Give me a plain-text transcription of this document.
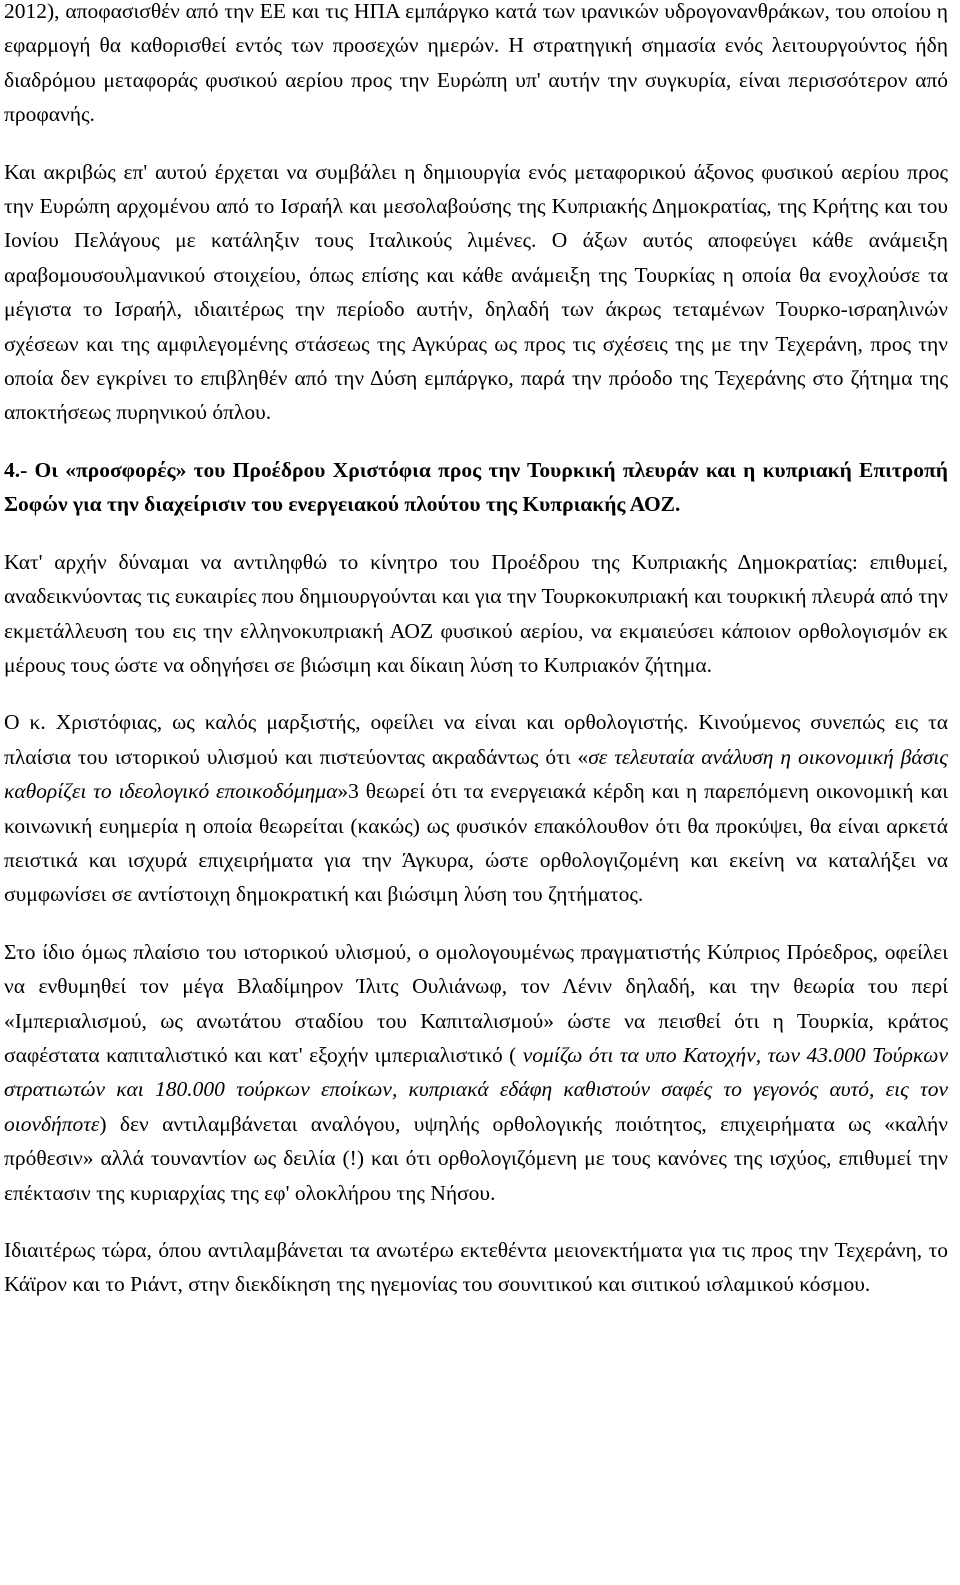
2012), αποφασισθέν από την ΕΕ και τις ΗΠΑ εμπάργκο κατά των ιρανικών υδρογονανθράκων, του οποίου η εφαρμογή θα καθορισθεί εντός των προσεχών ημερών. Η στρατηγική σημασία ενός λειτουργούντος ήδη διαδρόμου μεταφοράς φυσικού αερίου προς την Ευρώπη υπ' αυτήν την συγκυρία, είναι περισσότερον από προφανής.

Και ακριβώς επ' αυτού έρχεται να συμβάλει η δημιουργία ενός μεταφορικού άξονος φυσικού αερίου προς την Ευρώπη αρχομένου από το Ισραήλ και μεσολαβούσης της Κυπριακής Δημοκρατίας, της Κρήτης και του Ιονίου Πελάγους με κατάληξιν τους Ιταλικούς λιμένες. Ο άξων αυτός αποφεύγει κάθε ανάμειξη αραβομουσουλμανικού στοιχείου, όπως επίσης και κάθε ανάμειξη της Τουρκίας η οποία θα ενοχλούσε τα μέγιστα το Ισραήλ, ιδιαιτέρως την περίοδο αυτήν, δηλαδή των άκρως τεταμένων Τουρκο-ισραηλινών σχέσεων και της αμφιλεγομένης στάσεως της Αγκύρας ως προς τις σχέσεις της με την Τεχεράνη, προς την οποία δεν εγκρίνει το επιβληθέν από την Δύση εμπάργκο, παρά την πρόοδο της Τεχεράνης στο ζήτημα της αποκτήσεως πυρηνικού όπλου.

4.- Οι «προσφορές» του Προέδρου Χριστόφια προς την Τουρκική πλευράν και η κυπριακή Επιτροπή Σοφών για την διαχείρισιν του ενεργειακού πλούτου της Κυπριακής ΑΟΖ.

Κατ' αρχήν δύναμαι να αντιληφθώ το κίνητρο του Προέδρου της Κυπριακής Δημοκρατίας: επιθυμεί, αναδεικνύοντας τις ευκαιρίες που δημιουργούνται και για την Τουρκοκυπριακή και τουρκική πλευρά από την εκμετάλλευση του εις την ελληνοκυπριακή ΑΟΖ φυσικού αερίου, να εκμαιεύσει κάποιον ορθολογισμόν εκ μέρους τους ώστε να οδηγήσει σε βιώσιμη και δίκαιη λύση το Κυπριακόν ζήτημα.

Ο κ. Χριστόφιας, ως καλός μαρξιστής, οφείλει να είναι και ορθολογιστής. Κινούμενος συνεπώς εις τα πλαίσια του ιστορικού υλισμού και πιστεύοντας ακραδάντως ότι «σε τελευταία ανάλυση η οικονομική βάσις καθορίζει το ιδεολογικό εποικοδόμημα»3 θεωρεί ότι τα ενεργειακά κέρδη και η παρεπόμενη οικονομική και κοινωνική ευημερία η οποία θεωρείται (κακώς) ως φυσικόν επακόλουθον ότι θα προκύψει, θα είναι αρκετά πειστικά και ισχυρά επιχειρήματα για την Άγκυρα, ώστε ορθολογιζομένη και εκείνη να καταλήξει να συμφωνίσει σε αντίστοιχη δημοκρατική και βιώσιμη λύση του ζητήματος.

Στο ίδιο όμως πλαίσιο του ιστορικού υλισμού, ο ομολογουμένως πραγματιστής Κύπριος Πρόεδρος, οφείλει να ενθυμηθεί τον μέγα Βλαδίμηρον Ίλιτς Ουλιάνωφ, τον Λένιν δηλαδή, και την θεωρία του περί «Ιμπεριαλισμού, ως ανωτάτου σταδίου του Καπιταλισμού» ώστε να πεισθεί ότι η Τουρκία, κράτος σαφέστατα καπιταλιστικό και κατ' εξοχήν ιμπεριαλιστικό ( νομίζω ότι τα υπο Κατοχήν, των 43.000 Τούρκων στρατιωτών και 180.000 τούρκων εποίκων, κυπριακά εδάφη καθιστούν σαφές το γεγονός αυτό, εις τον οιονδήποτε) δεν αντιλαμβάνεται αναλόγου, υψηλής ορθολογικής ποιότητος, επιχειρήματα ως «καλήν πρόθεσιν» αλλά τουναντίον ως δειλία (!) και ότι ορθολογιζόμενη με τους κανόνες της ισχύος, επιθυμεί την επέκτασιν της κυριαρχίας της εφ' ολοκλήρου της Νήσου.

Ιδιαιτέρως τώρα, όπου αντιλαμβάνεται τα ανωτέρω εκτεθέντα μειονεκτήματα για τις προς την Τεχεράνη, το Κάϊρον και το Ριάντ, στην διεκδίκηση της ηγεμονίας του σουνιτικού και σιιτικού ισλαμικού κόσμου.
